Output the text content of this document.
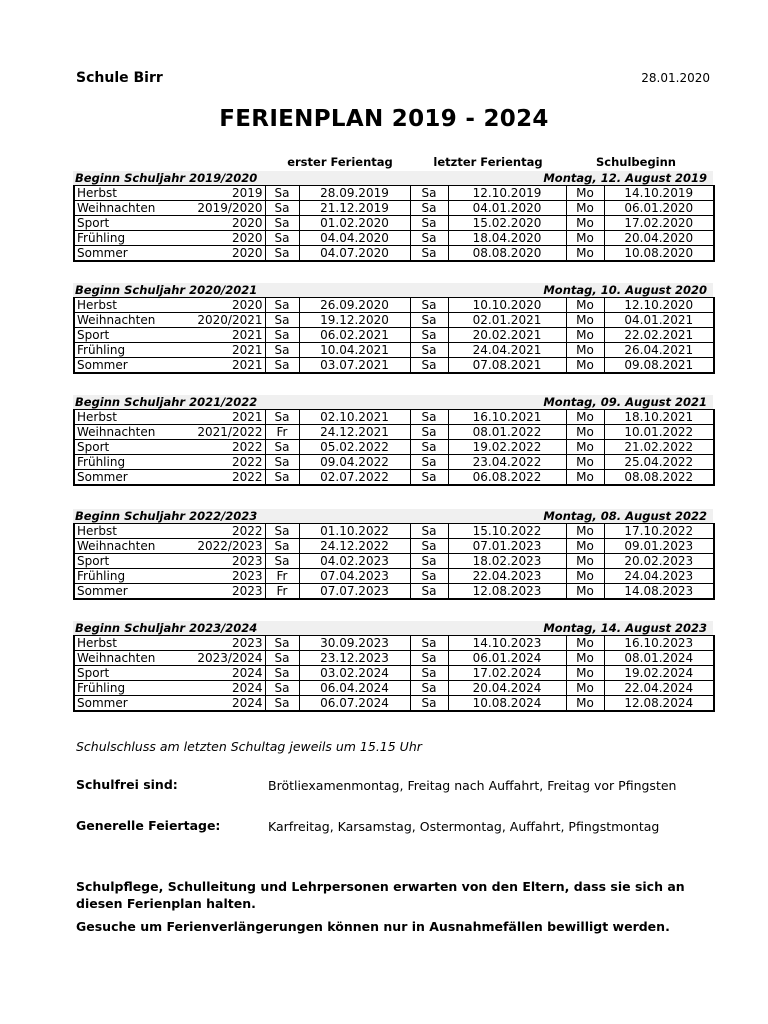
Schule Birr	28.01.2020
FERIENPLAN 2019 - 2024
erster Ferientag	letzter Ferientag	Schulbeginn
Beginn Schuljahr 2019/2020	Montag, 12. August 2019
Herbst 2019	Sa	28.09.2019	Sa	12.10.2019	Mo	14.10.2019

Weihnachten 2019/2020	Sa	21.12.2019	Sa	04.01.2020	Mo	06.01.2020

Sport 2020	Sa	01.02.2020	Sa	15.02.2020	Mo	17.02.2020

Frühling 2020	Sa	04.04.2020	Sa	18.04.2020	Mo	20.04.2020

Sommer 2020	Sa	04.07.2020	Sa	08.08.2020	Mo	10.08.2020
Beginn Schuljahr 2020/2021	Montag, 10. August 2020
Herbst 2020	Sa	26.09.2020	Sa	10.10.2020	Mo	12.10.2020

Weihnachten 2020/2021	Sa	19.12.2020	Sa	02.01.2021	Mo	04.01.2021

Sport 2021	Sa	06.02.2021	Sa	20.02.2021	Mo	22.02.2021

Frühling 2021	Sa	10.04.2021	Sa	24.04.2021	Mo	26.04.2021

Sommer 2021	Sa	03.07.2021	Sa	07.08.2021	Mo	09.08.2021
Beginn Schuljahr 2021/2022	Montag, 09. August 2021
Herbst 2021	Sa	02.10.2021	Sa	16.10.2021	Mo	18.10.2021

Weihnachten 2021/2022	Fr	24.12.2021	Sa	08.01.2022	Mo	10.01.2022

Sport 2022	Sa	05.02.2022	Sa	19.02.2022	Mo	21.02.2022

Frühling 2022	Sa	09.04.2022	Sa	23.04.2022	Mo	25.04.2022

Sommer 2022	Sa	02.07.2022	Sa	06.08.2022	Mo	08.08.2022
Beginn Schuljahr 2022/2023	Montag, 08. August 2022
Herbst 2022	Sa	01.10.2022	Sa	15.10.2022	Mo	17.10.2022

Weihnachten 2022/2023	Sa	24.12.2022	Sa	07.01.2023	Mo	09.01.2023

Sport 2023	Sa	04.02.2023	Sa	18.02.2023	Mo	20.02.2023

Frühling 2023	Fr	07.04.2023	Sa	22.04.2023	Mo	24.04.2023

Sommer 2023	Fr	07.07.2023	Sa	12.08.2023	Mo	14.08.2023
Beginn Schuljahr 2023/2024	Montag, 14. August 2023
Herbst 2023	Sa	30.09.2023	Sa	14.10.2023	Mo	16.10.2023

Weihnachten 2023/2024	Sa	23.12.2023	Sa	06.01.2024	Mo	08.01.2024

Sport 2024	Sa	03.02.2024	Sa	17.02.2024	Mo	19.02.2024

Frühling 2024	Sa	06.04.2024	Sa	20.04.2024	Mo	22.04.2024

Sommer 2024	Sa	06.07.2024	Sa	10.08.2024	Mo	12.08.2024
Schulschluss am letzten Schultag jeweils um 15.15 Uhr
Schulfrei sind:	Brötliexamenmontag, Freitag nach Auffahrt, Freitag vor Pfingsten
Generelle Feiertage:	Karfreitag, Karsamstag, Ostermontag, Auffahrt, Pfingstmontag
Schulpflege, Schulleitung und Lehrpersonen erwarten von den Eltern, dass sie sich an diesen Ferienplan halten.
Gesuche um Ferienverlängerungen können nur in Ausnahmefällen bewilligt werden.
